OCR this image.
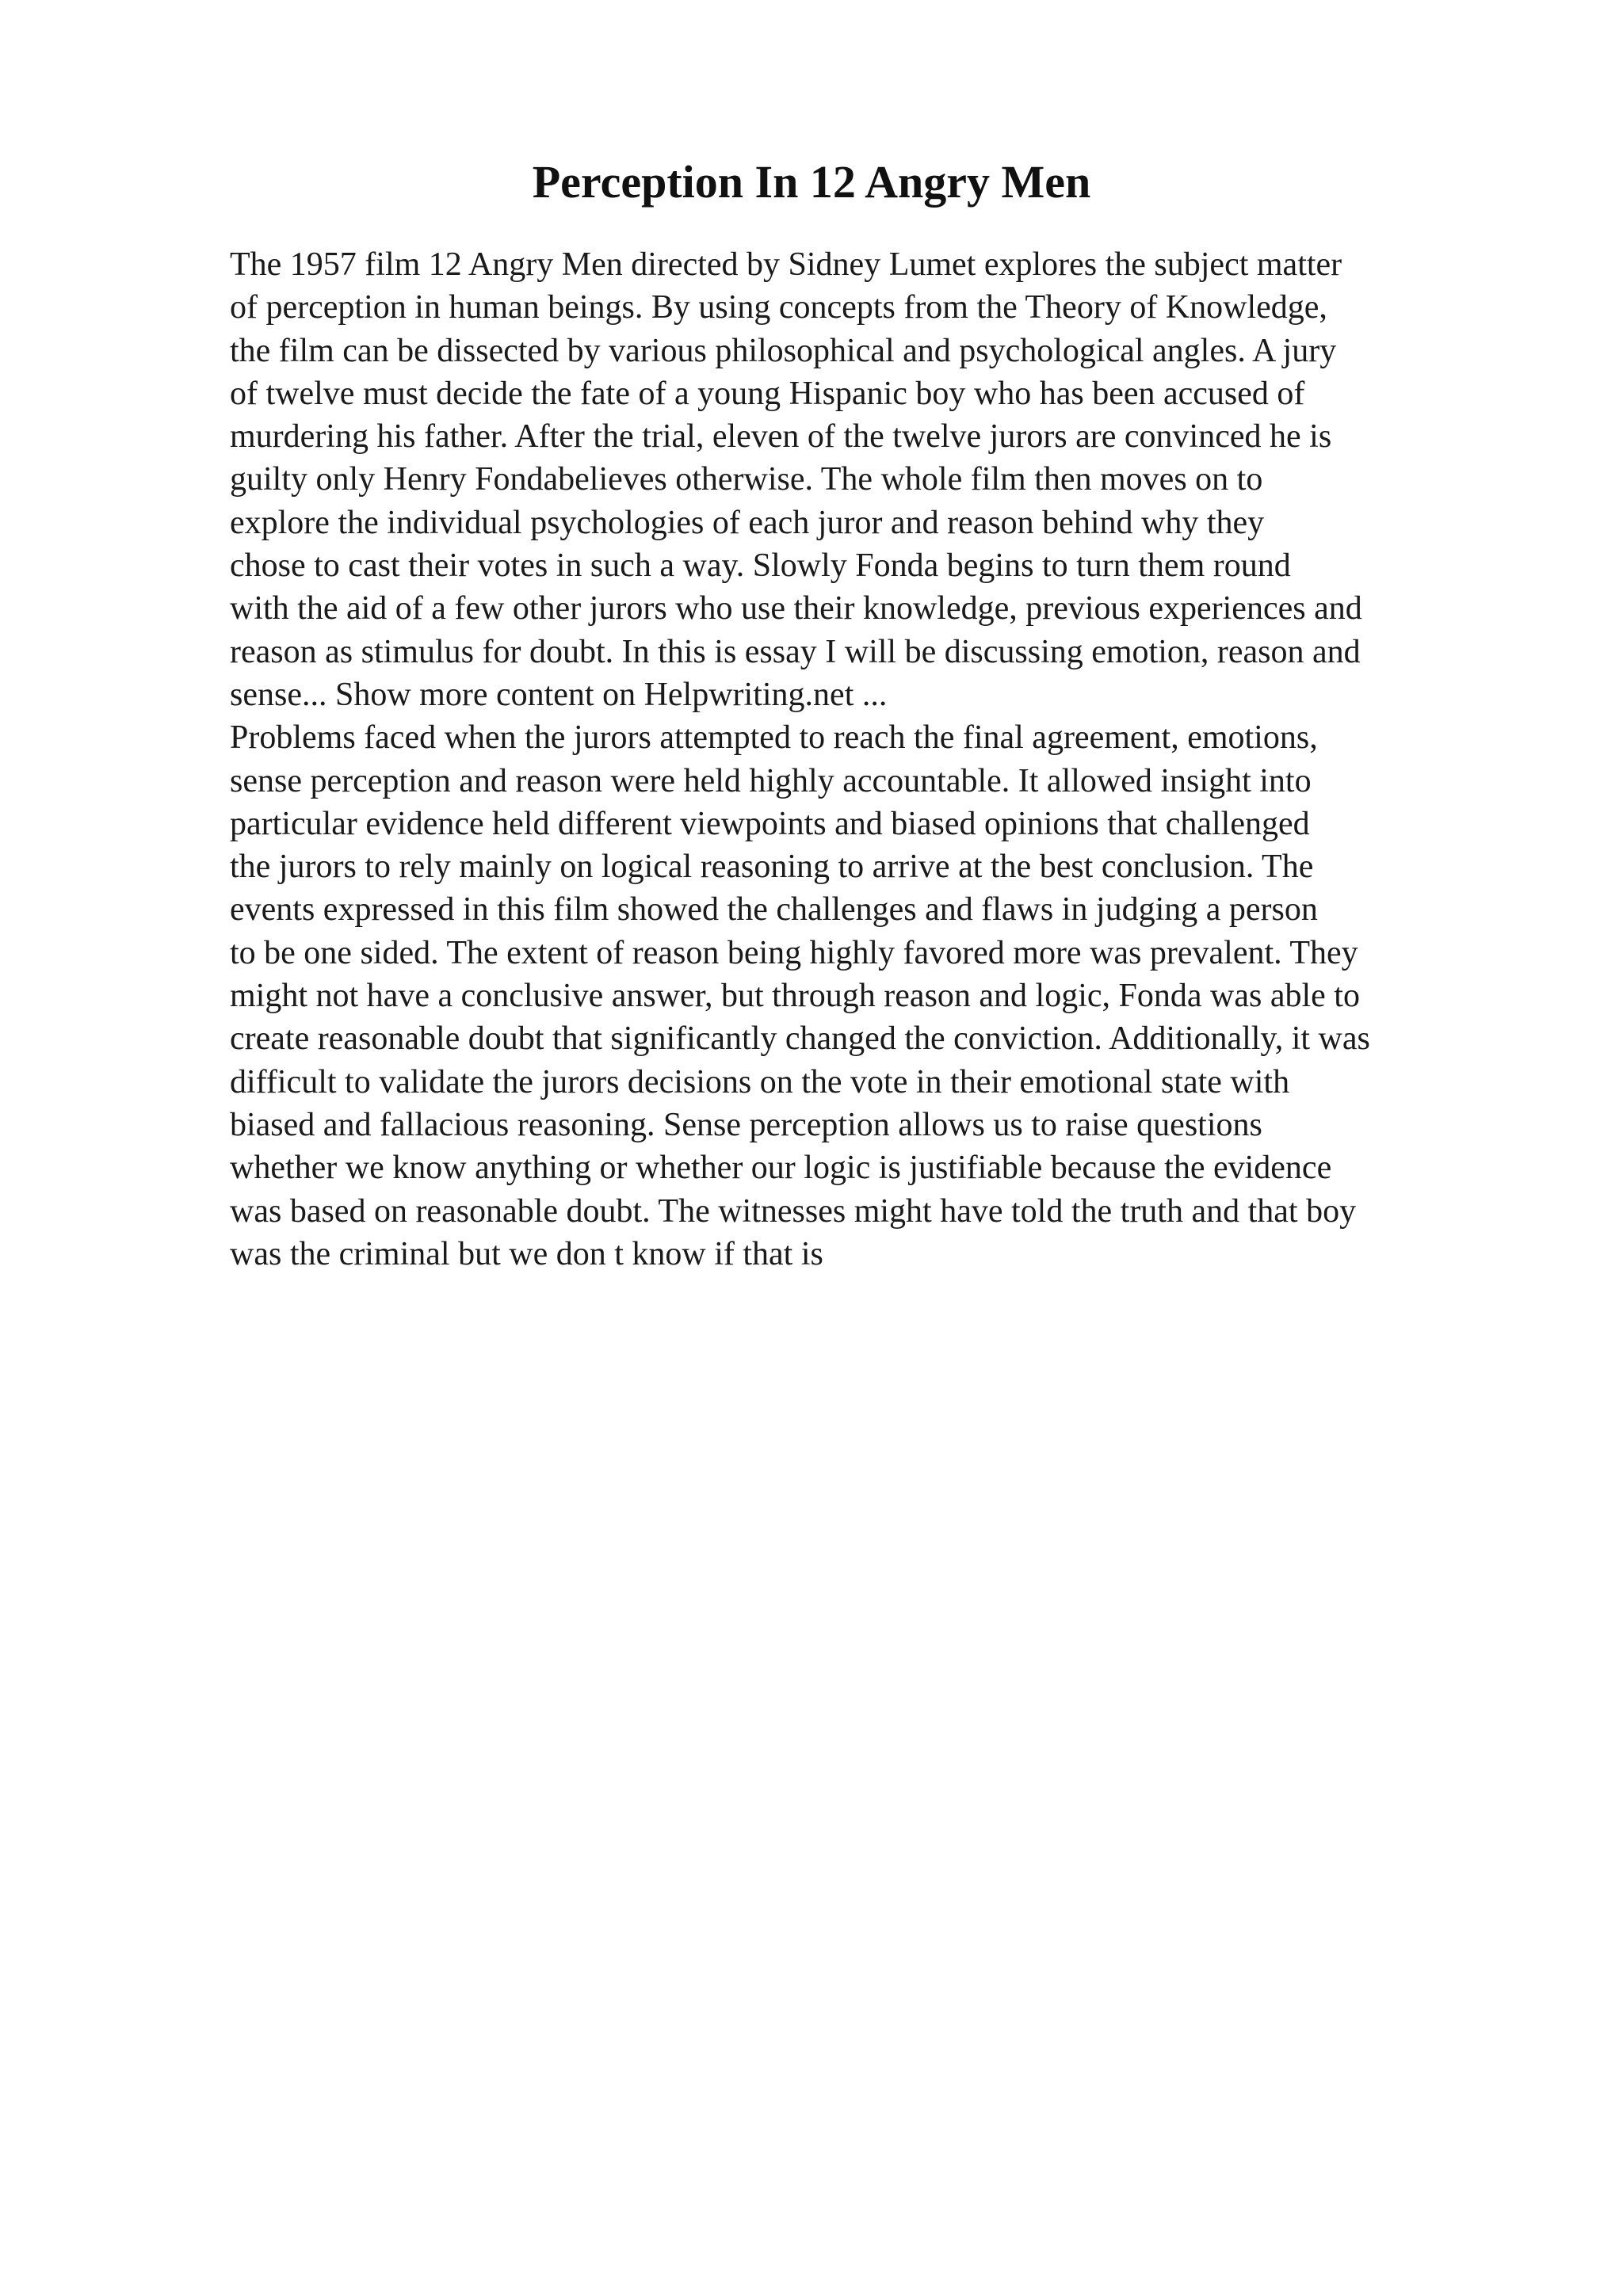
Perception In 12 Angry Men
The 1957 film 12 Angry Men directed by Sidney Lumet explores the subject matter
of perception in human beings. By using concepts from the Theory of Knowledge,
the film can be dissected by various philosophical and psychological angles. A jury
of twelve must decide the fate of a young Hispanic boy who has been accused of
murdering his father. After the trial, eleven of the twelve jurors are convinced he is
guilty only Henry Fondabelieves otherwise. The whole film then moves on to
explore the individual psychologies of each juror and reason behind why they
chose to cast their votes in such a way. Slowly Fonda begins to turn them round
with the aid of a few other jurors who use their knowledge, previous experiences and
reason as stimulus for doubt. In this is essay I will be discussing emotion, reason and
sense... Show more content on Helpwriting.net ...
Problems faced when the jurors attempted to reach the final agreement, emotions,
sense perception and reason were held highly accountable. It allowed insight into
particular evidence held different viewpoints and biased opinions that challenged
the jurors to rely mainly on logical reasoning to arrive at the best conclusion. The
events expressed in this film showed the challenges and flaws in judging a person
to be one sided. The extent of reason being highly favored more was prevalent. They
might not have a conclusive answer, but through reason and logic, Fonda was able to
create reasonable doubt that significantly changed the conviction. Additionally, it was
difficult to validate the jurors decisions on the vote in their emotional state with
biased and fallacious reasoning. Sense perception allows us to raise questions
whether we know anything or whether our logic is justifiable because the evidence
was based on reasonable doubt. The witnesses might have told the truth and that boy
was the criminal but we don t know if that is
